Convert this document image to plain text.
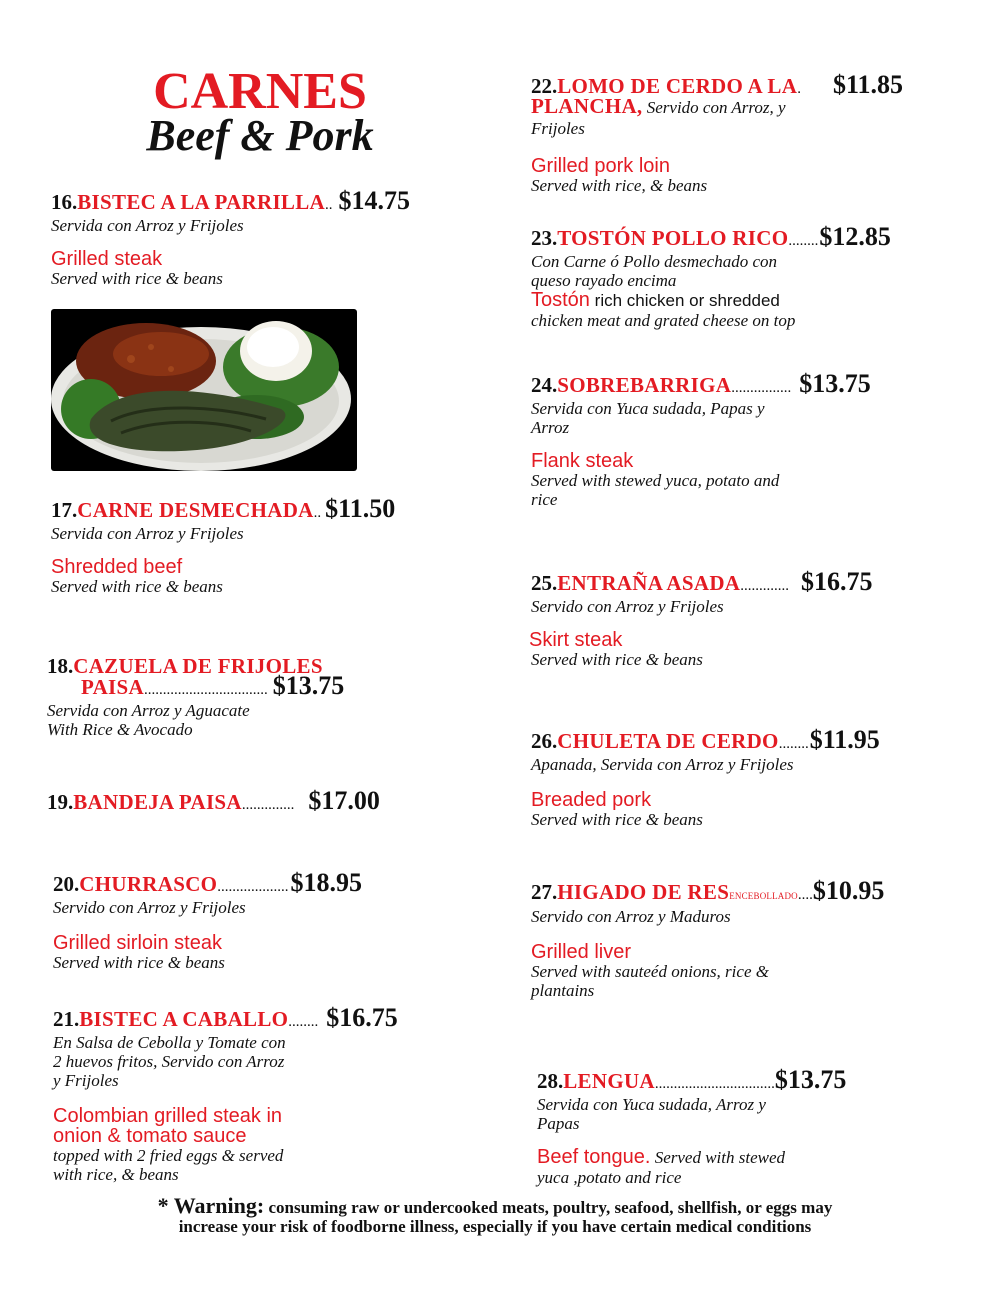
CARNES
Beef & Pork
16. BISTEC A LA PARRILLA .. $14.75
Servida con Arroz y Frijoles
Grilled steak
Served with rice & beans
17. CARNE DESMECHADA .. $11.50
Servida con Arroz y Frijoles
Shredded beef
Served with rice & beans
18. CAZUELA DE FRIJOLES
PAISA ................................. $13.75
Servida con Arroz y Aguacate
With Rice & Avocado
19. BANDEJA PAISA .............. $17.00
20. CHURRASCO ................... $18.95
Servido con Arroz y Frijoles
Grilled sirloin steak
Served with rice & beans
21. BISTEC A CABALLO ........ $16.75
En Salsa de Cebolla y Tomate con
2 huevos fritos, Servido con Arroz
y Frijoles
Colombian grilled steak in
onion & tomato sauce
topped with 2 fried eggs & served
with rice, & beans
22. LOMO DE CERDO A LA . $11.85
PLANCHA, Servido con Arroz, y
Frijoles
Grilled pork loin
Served with rice, & beans
23. TOSTÓN POLLO RICO ........ $12.85
Con Carne ó Pollo desmechado con
queso rayado encima
Tostón rich chicken or shredded
chicken meat and grated cheese on top
24. SOBREBARRIGA ................ $13.75
Servida con Yuca sudada, Papas y
Arroz
Flank steak
Served with stewed yuca, potato and
rice
25. ENTRAÑA ASADA ............. $16.75
Servido con Arroz y Frijoles
Skirt steak
Served with rice & beans
26. CHULETA DE CERDO ........ $11.95
Apanada, Servida con Arroz y Frijoles
Breaded pork
Served with rice & beans
27. HIGADO DE RES ENCEBOLLADO .... $10.95
Servido con Arroz y Maduros
Grilled liver
Served with sauteéd onions, rice &
plantains
28. LENGUA ................................ $13.75
Servida con Yuca sudada, Arroz y
Papas
Beef tongue. Served with stewed
yuca ,potato and rice
* Warning: consuming raw or undercooked meats, poultry, seafood, shellfish, or eggs may
increase your risk of foodborne illness, especially if you have certain medical conditions
